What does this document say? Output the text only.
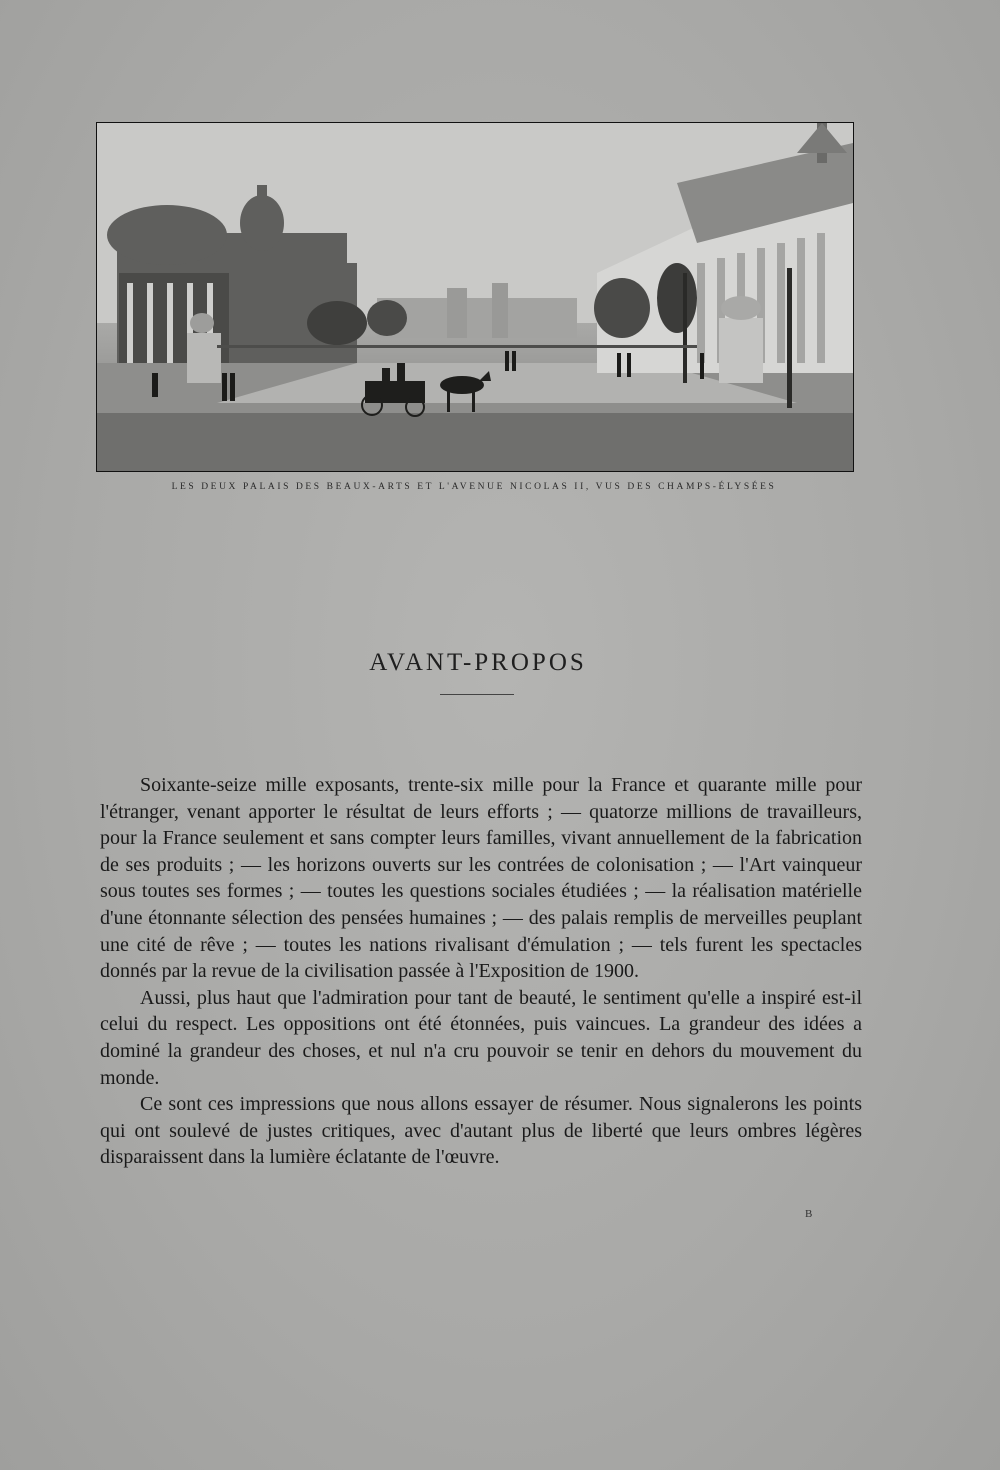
LES DEUX PALAIS DES BEAUX-ARTS ET L'AVENUE NICOLAS II, VUS DES CHAMPS-ÉLYSÉES
AVANT-PROPOS

Soixante-seize mille exposants, trente-six mille pour la France et quarante mille pour l'étranger, venant apporter le résultat de leurs efforts ; — quatorze millions de travailleurs, pour la France seulement et sans compter leurs familles, vivant annuellement de la fabrication de ses produits ; — les horizons ouverts sur les contrées de colonisation ; — l'Art vainqueur sous toutes ses formes ; — toutes les questions sociales étudiées ; — la réalisation matérielle d'une étonnante sélection des pensées humaines ; — des palais remplis de merveilles peuplant une cité de rêve ; — toutes les nations rivalisant d'émulation ; — tels furent les spectacles donnés par la revue de la civilisation passée à l'Exposition de 1900.

Aussi, plus haut que l'admiration pour tant de beauté, le sentiment qu'elle a inspiré est-il celui du respect. Les oppositions ont été étonnées, puis vaincues. La grandeur des idées a dominé la grandeur des choses, et nul n'a cru pouvoir se tenir en dehors du mouvement du monde.

Ce sont ces impressions que nous allons essayer de résumer. Nous signalerons les points qui ont soulevé de justes critiques, avec d'autant plus de liberté que leurs ombres légères disparaissent dans la lumière éclatante de l'œuvre.

B
